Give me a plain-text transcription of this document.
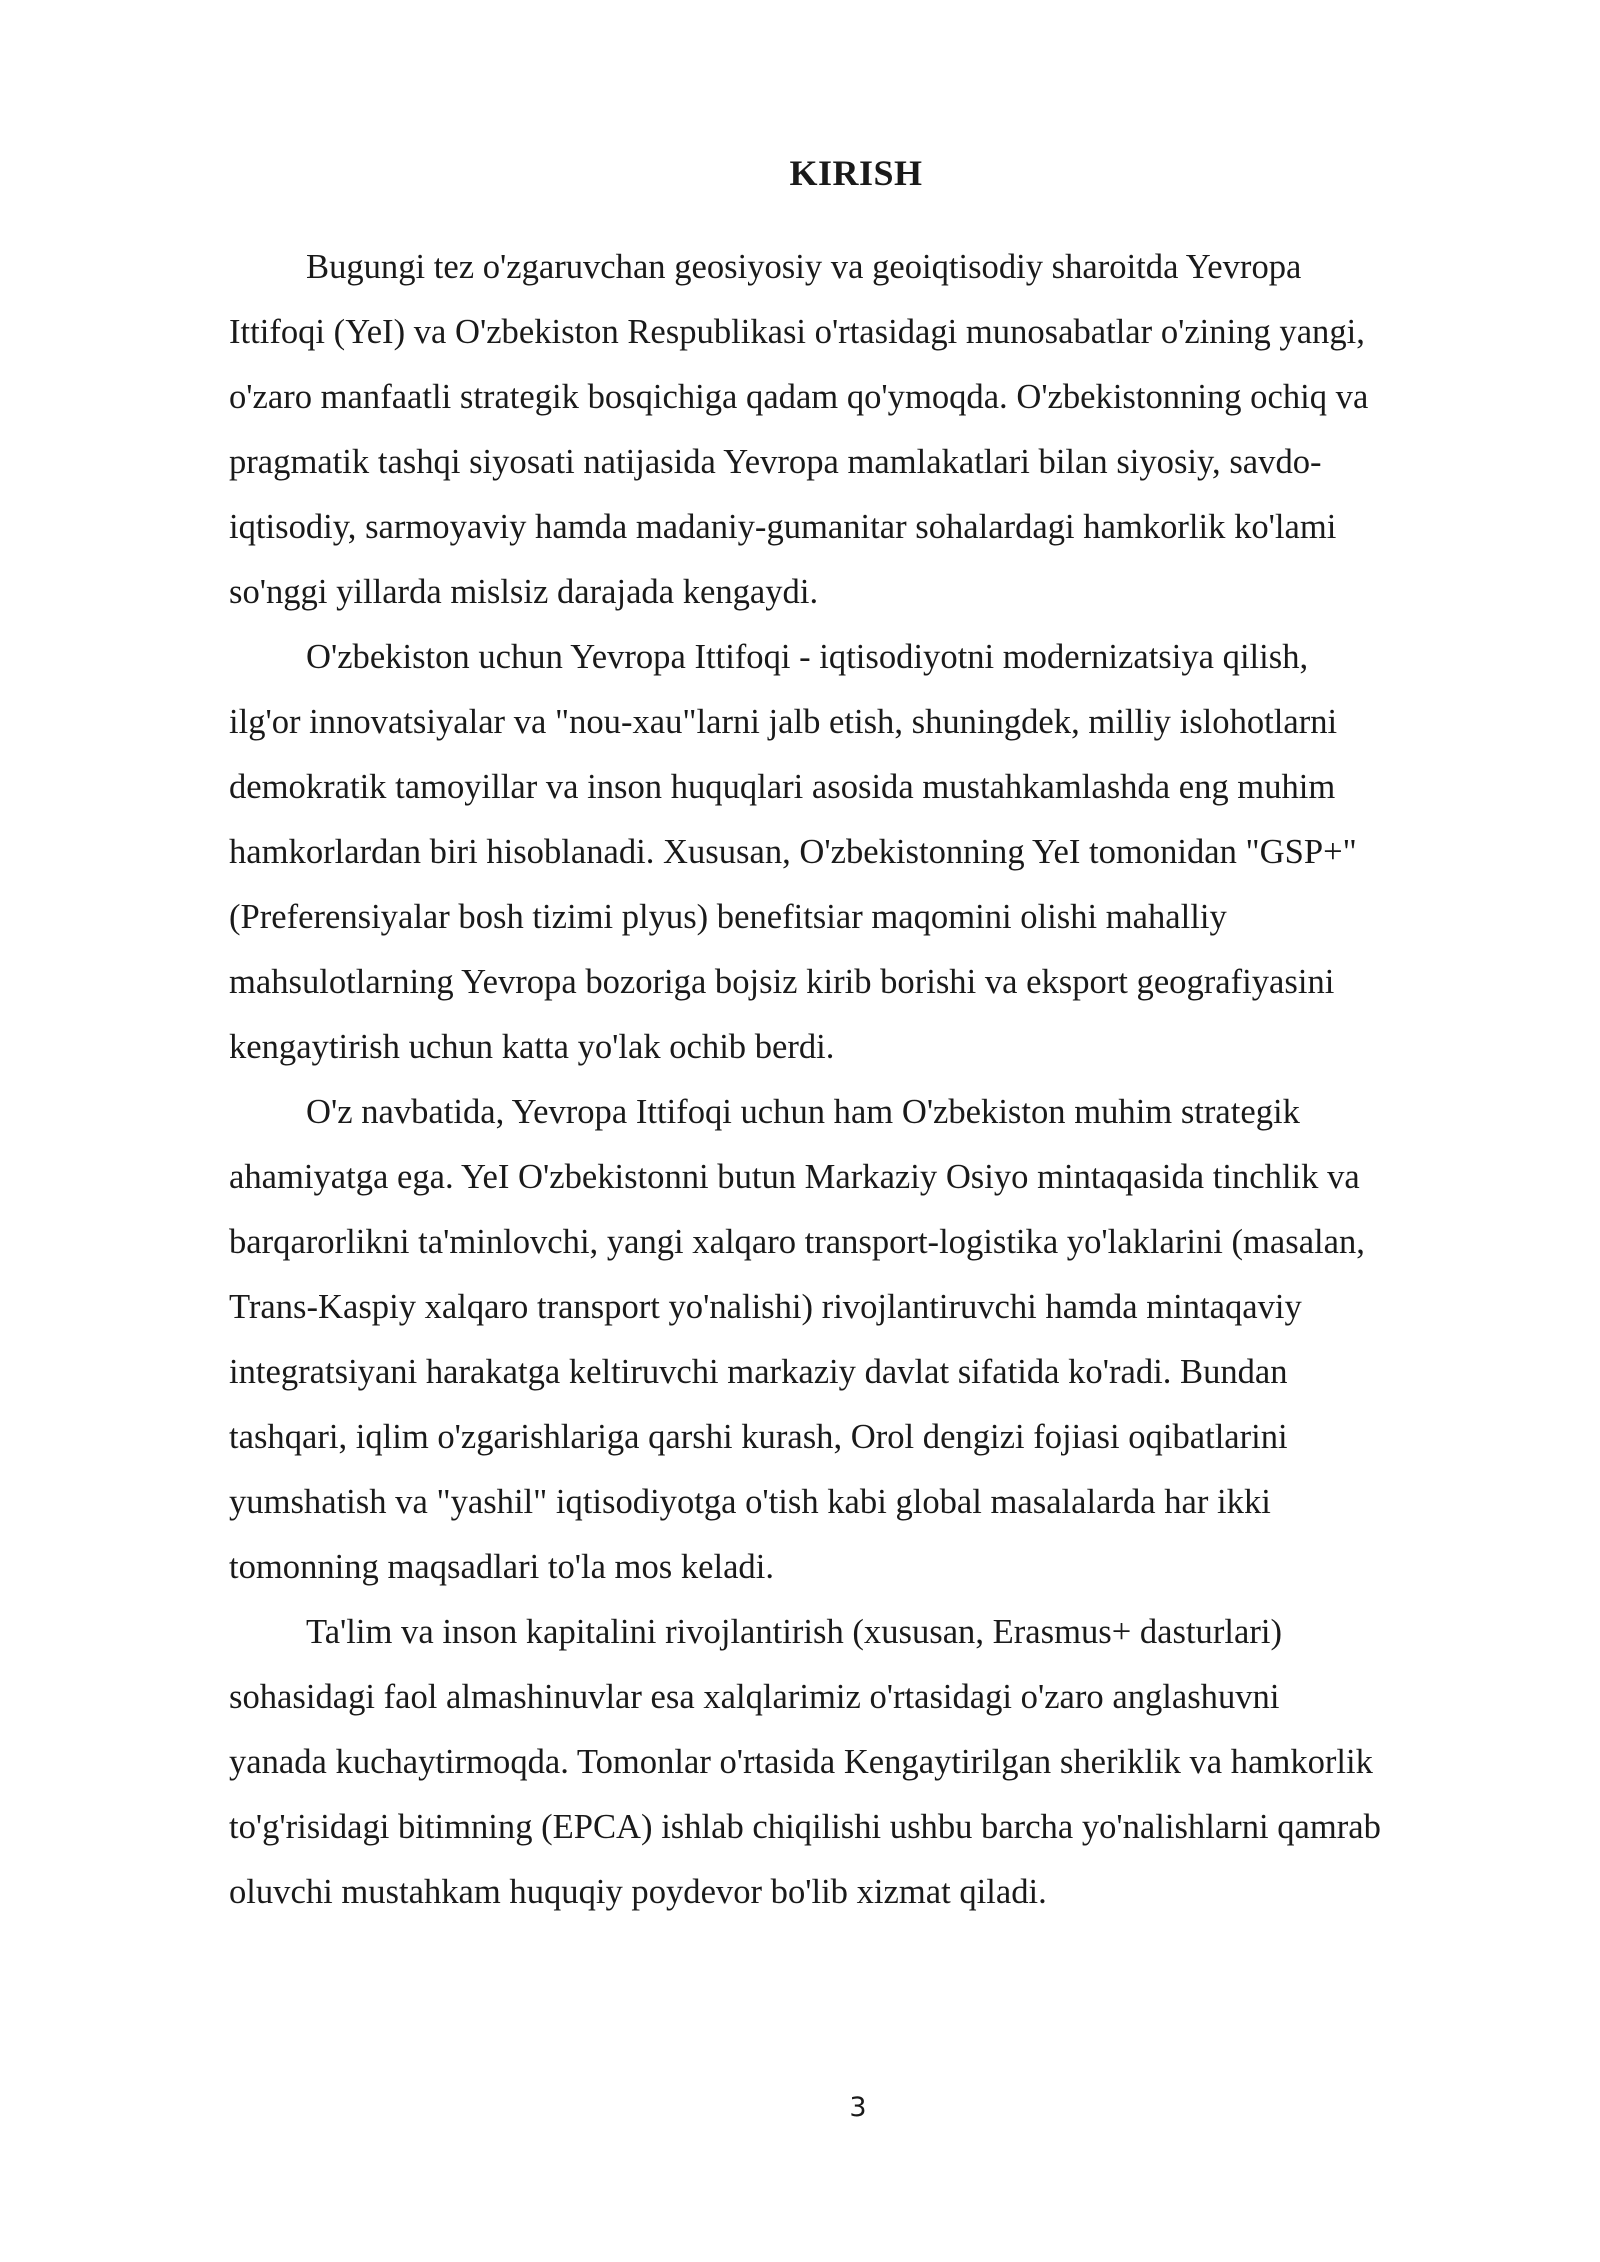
KIRISH
Bugungi tez o'zgaruvchan geosiyosiy va geoiqtisodiy sharoitda Yevropa
Ittifoqi (YeI) va O'zbekiston Respublikasi o'rtasidagi munosabatlar o'zining yangi,
o'zaro manfaatli strategik bosqichiga qadam qo'ymoqda. O'zbekistonning ochiq va
pragmatik tashqi siyosati natijasida Yevropa mamlakatlari bilan siyosiy, savdo-
iqtisodiy, sarmoyaviy hamda madaniy-gumanitar sohalardagi hamkorlik ko'lami
so'nggi yillarda mislsiz darajada kengaydi.
O'zbekiston uchun Yevropa Ittifoqi - iqtisodiyotni modernizatsiya qilish,
ilg'or innovatsiyalar va "nou-xau"larni jalb etish, shuningdek, milliy islohotlarni
demokratik tamoyillar va inson huquqlari asosida mustahkamlashda eng muhim
hamkorlardan biri hisoblanadi. Xususan, O'zbekistonning YeI tomonidan "GSP+"
(Preferensiyalar bosh tizimi plyus) benefitsiar maqomini olishi mahalliy
mahsulotlarning Yevropa bozoriga bojsiz kirib borishi va eksport geografiyasini
kengaytirish uchun katta yo'lak ochib berdi.
O'z navbatida, Yevropa Ittifoqi uchun ham O'zbekiston muhim strategik
ahamiyatga ega. YeI O'zbekistonni butun Markaziy Osiyo mintaqasida tinchlik va
barqarorlikni ta'minlovchi, yangi xalqaro transport-logistika yo'laklarini (masalan,
Trans-Kaspiy xalqaro transport yo'nalishi) rivojlantiruvchi hamda mintaqaviy
integratsiyani harakatga keltiruvchi markaziy davlat sifatida ko'radi. Bundan
tashqari, iqlim o'zgarishlariga qarshi kurash, Orol dengizi fojiasi oqibatlarini
yumshatish va "yashil" iqtisodiyotga o'tish kabi global masalalarda har ikki
tomonning maqsadlari to'la mos keladi.
Ta'lim va inson kapitalini rivojlantirish (xususan, Erasmus+ dasturlari)
sohasidagi faol almashinuvlar esa xalqlarimiz o'rtasidagi o'zaro anglashuvni
yanada kuchaytirmoqda. Tomonlar o'rtasida Kengaytirilgan sheriklik va hamkorlik
to'g'risidagi bitimning (EPCA) ishlab chiqilishi ushbu barcha yo'nalishlarni qamrab
oluvchi mustahkam huquqiy poydevor bo'lib xizmat qiladi.
3
